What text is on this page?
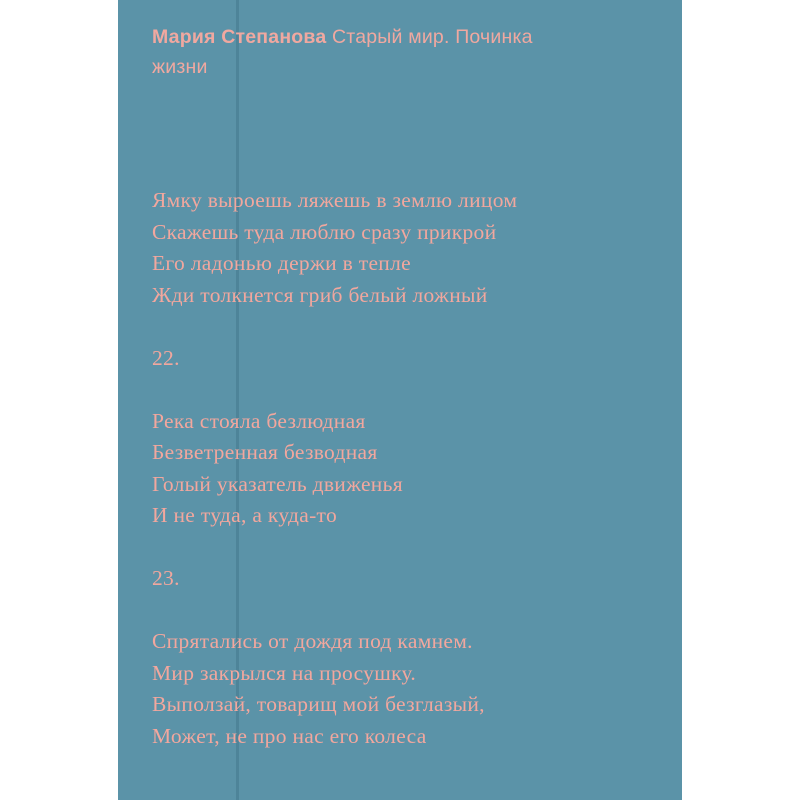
Мария Степанова Старый мир. Починка
жизни
Ямку выроешь ляжешь в землю лицом
Скажешь туда люблю сразу прикрой
Его ладонью держи в тепле
Жди толкнется гриб белый ложный
22.
Река стояла безлюдная
Безветренная безводная
Голый указатель движенья
И не туда, а куда-то
23.
Спрятались от дождя под камнем.
Мир закрылся на просушку.
Выползай, товарищ мой безглазый,
Может, не про нас его колеса
